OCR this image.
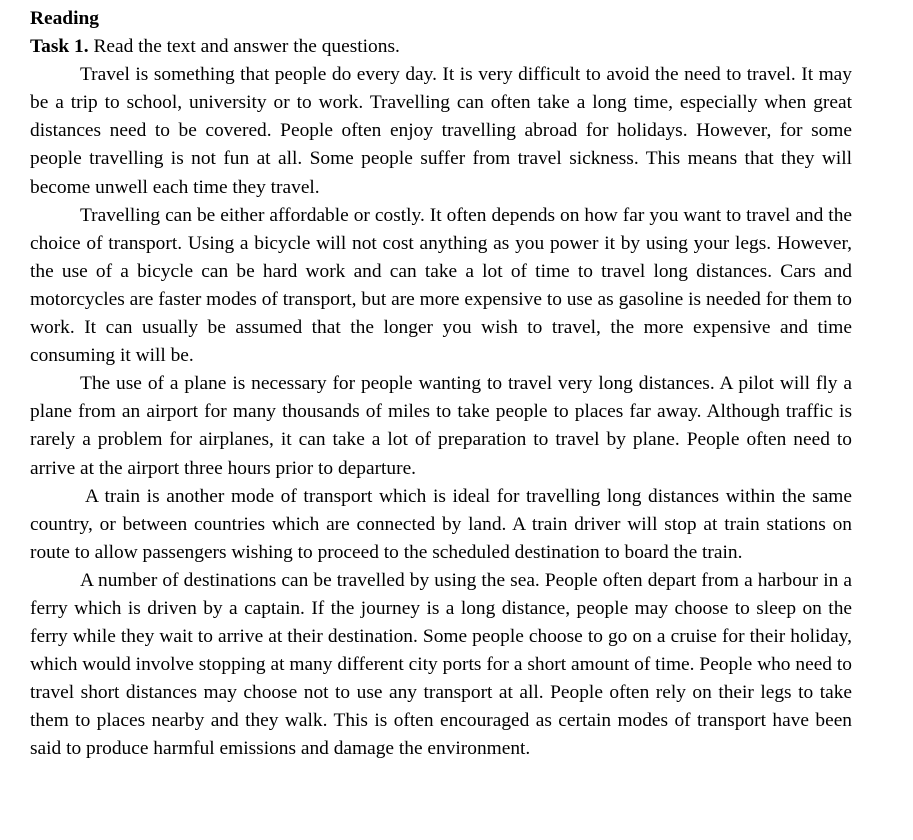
Reading

Task 1. Read the text and answer the questions.

Travel is something that people do every day. It is very difficult to avoid the need to travel. It may be a trip to school, university or to work. Travelling can often take a long time, especially when great distances need to be covered. People often enjoy travelling abroad for holidays. However, for some people travelling is not fun at all. Some people suffer from travel sickness. This means that they will become unwell each time they travel.

Travelling can be either affordable or costly. It often depends on how far you want to travel and the choice of transport. Using a bicycle will not cost anything as you power it by using your legs. However, the use of a bicycle can be hard work and can take a lot of time to travel long distances. Cars and motorcycles are faster modes of transport, but are more expensive to use as gasoline is needed for them to work. It can usually be assumed that the longer you wish to travel, the more expensive and time consuming it will be.

The use of a plane is necessary for people wanting to travel very long distances. A pilot will fly a plane from an airport for many thousands of miles to take people to places far away. Although traffic is rarely a problem for airplanes, it can take a lot of preparation to travel by plane. People often need to arrive at the airport three hours prior to departure.

A train is another mode of transport which is ideal for travelling long distances within the same country, or between countries which are connected by land. A train driver will stop at train stations on route to allow passengers wishing to proceed to the scheduled destination to board the train.

A number of destinations can be travelled by using the sea. People often depart from a harbour in a ferry which is driven by a captain. If the journey is a long distance, people may choose to sleep on the ferry while they wait to arrive at their destination. Some people choose to go on a cruise for their holiday, which would involve stopping at many different city ports for a short amount of time. People who need to travel short distances may choose not to use any transport at all. People often rely on their legs to take them to places nearby and they walk. This is often encouraged as certain modes of transport have been said to produce harmful emissions and damage the environment.
